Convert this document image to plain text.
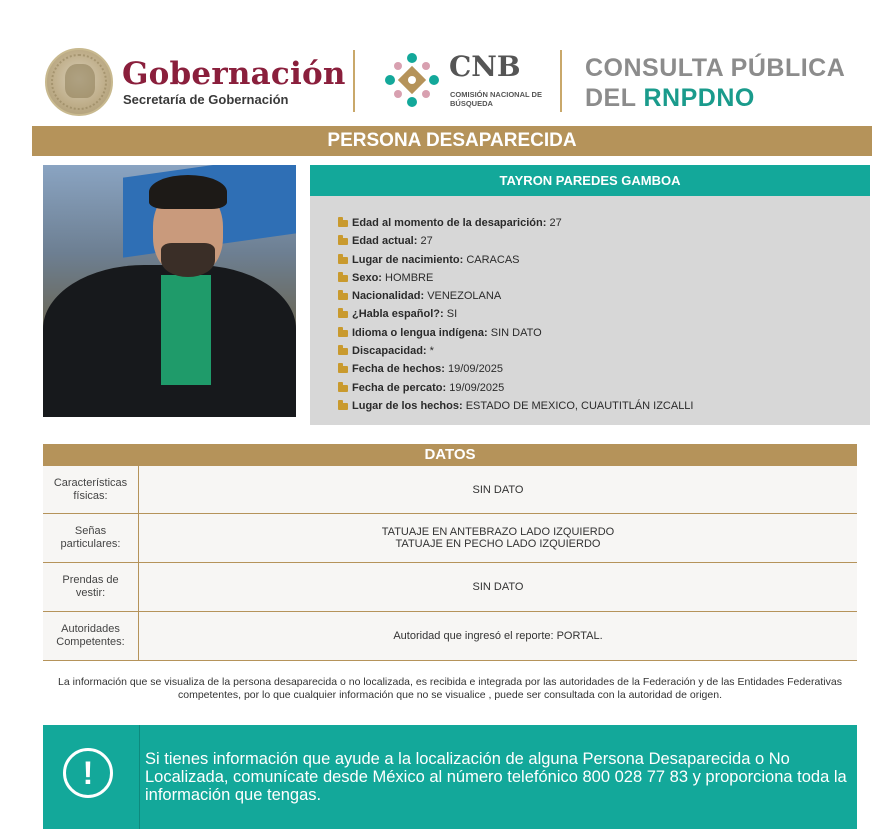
Gobernación
Secretaría de Gobernación
CNB
COMISIÓN NACIONAL DE BÚSQUEDA
CONSULTA PÚBLICA
DEL RNPDNO
PERSONA DESAPARECIDA
TAYRON PAREDES GAMBOA
Edad al momento de la desaparición: 27
Edad actual: 27
Lugar de nacimiento: CARACAS
Sexo: HOMBRE
Nacionalidad: VENEZOLANA
¿Habla español?: SI
Idioma o lengua indígena: SIN DATO
Discapacidad: *
Fecha de hechos: 19/09/2025
Fecha de percato: 19/09/2025
Lugar de los hechos: ESTADO DE MEXICO, CUAUTITLÁN IZCALLI
DATOS
Características físicas:	SIN DATO
Señas particulares:
TATUAJE EN ANTEBRAZO LADO IZQUIERDO
TATUAJE EN PECHO LADO IZQUIERDO
Prendas de vestir:	SIN DATO
Autoridades Competentes:	Autoridad que ingresó el reporte: PORTAL.
La información que se visualiza de la persona desaparecida o no localizada, es recibida e integrada por las autoridades de la Federación y de las Entidades Federativas competentes, por lo que cualquier información que no se visualice , puede ser consultada con la autoridad de origen.
!	Si tienes información que ayude a la localización de alguna Persona Desaparecida o No Localizada, comunícate desde México al número telefónico 800 028 77 83 y proporciona toda la información que tengas.
